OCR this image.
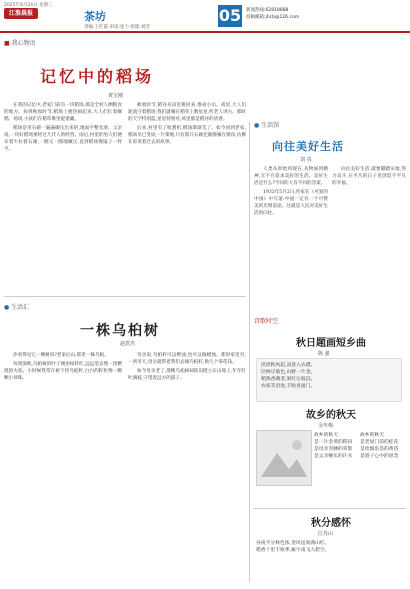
2025年9月24日 星期三
江淮晨报	茶坊
责编:王红霞 审读:张力 组版:刘芳
05 新闻热线:62818888
投稿邮箱:jhcb@126.com
■ 我心物语
记忆中的稻场
黄宝刚

在我的记忆中,老家门前有一块稻场,那是全村人晒粮食的地方。每到秋收时节,稻场上便热闹起来,大人们忙着碾稻、扬场,小孩们在稻草堆里捉迷藏。

稻场是用石磙一遍遍碾压出来的,地面平整光滑。父亲说,一块好稻场要经过几代人的经营。雨后,村里的男人们便牵着牛拉着石磙,一圈又一圈地碾压,直到稻场像镜子一样平。

秋收时节,稻谷从田里挑回来,堆成小山。夜里,大人们轮流守着稻场,我们就躺在稻草上数星星,听老人讲古。那时的天空特别蓝,星星特别亮,风里都是稻谷的清香。

后来,村里有了收割机,稻场渐渐荒了。如今回到老家,稻场早已变成一片菜地,只有那只石磙还静静躺在墙角,仿佛在诉说着过去的故事。

● 生活汇
一株乌桕树
赵恩杰

你看得见它一棵树吗?老家后山,那里一株乌桕。

每到深秋,乌桕树的叶子便由绿转红,远远望去像一团燃烧的火焰。小时候我常在树下捡乌桕籽,白白的籽粒像一颗颗小珍珠。

母亲说,乌桕籽可以榨油,也可以做蜡烛。那时家里穷,一到冬天,母亲就带着我们去摘乌桕籽,换几个零花钱。

如今母亲老了,那棵乌桕树却依旧挺立在山坡上,年年红叶满枝,守望着远方的游子。

● 生活馆
向往美好生活
刘 真

人类从原始到现在,从物质到精神,无不在追求美好的生活。美好生活是什么?不同的人有不同的答案。

1933年5月2日,作家在《可爱的中国》中写道:中国一定有一个可赞美的光明前途。这就是人民对美好生活的向往。

向往美好生活,就要脚踏实地,努力奋斗,在平凡的日子里创造不平凡的幸福。

诗歌时空
秋日题画短乡曲
陈 强
淡淡秋风起,凉意入衣襟。
层林尽染色,山野一片金。
稻熟香满垄,果红压枝沉。
农家笑语欢,丰收喜盈门。
故乡的秋天
余冬梅
故乡的秋天
是一片金黄的稻田
是母亲弯腰的背影
是父亲额头的汗水
故乡的秋天
是老屋门前的桂花
是炊烟袅袅的黄昏
是游子心中的思念
秋分感怀
江丹山
昼夜平分秋色浓,金风送爽满山红。
稻香十里丰收季,雁字南飞入碧空。
